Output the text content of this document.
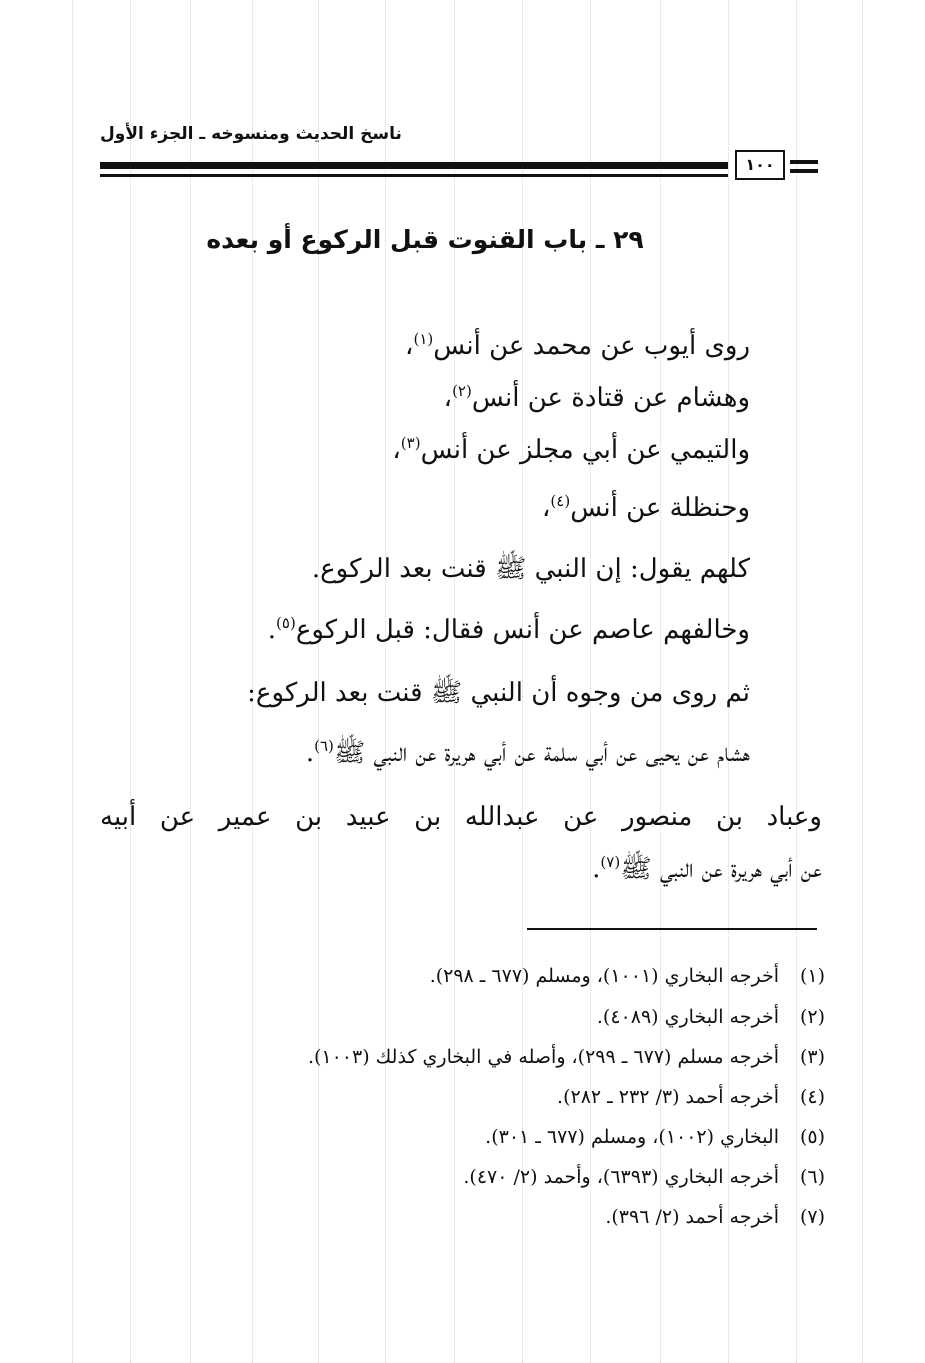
ناسخ الحديث ومنسوخه ـ الجزء الأول
١٠٠
٢٩ ـ باب القنوت قبل الركوع أو بعده
روى أيوب عن محمد عن أنس$^{(١)}$،
وهشام عن قتادة عن أنس$^{(٢)}$،
والتيمي عن أبي مجلز عن أنس$^{(٣)}$،
وحنظلة عن أنس$^{(٤)}$،
كلهم يقول: إن النبي ﷺ قنت بعد الركوع.
وخالفهم عاصم عن أنس فقال: قبل الركوع$^{(٥)}$.
ثم روى من وجوه أن النبي ﷺ قنت بعد الركوع:
هشام عن يحيى عن أبي سلمة عن أبي هريرة عن النبي ﷺ$^{(٦)}$.
وعباد بن منصور عن عبدالله بن عبيد بن عمير عن أبيه
عن أبي هريرة عن النبي ﷺ$^{(٧)}$.
(١)أخرجه البخاري (١٠٠١)، ومسلم (٦٧٧ ـ ٢٩٨).
(٢)أخرجه البخاري (٤٠٨٩).
(٣)أخرجه مسلم (٦٧٧ ـ ٢٩٩)، وأصله في البخاري كذلك (١٠٠٣).
(٤)أخرجه أحمد (٣/ ٢٣٢ ـ ٢٨٢).
(٥)البخاري (١٠٠٢)، ومسلم (٦٧٧ ـ ٣٠١).
(٦)أخرجه البخاري (٦٣٩٣)، وأحمد (٢/ ٤٧٠).
(٧)أخرجه أحمد (٢/ ٣٩٦).
